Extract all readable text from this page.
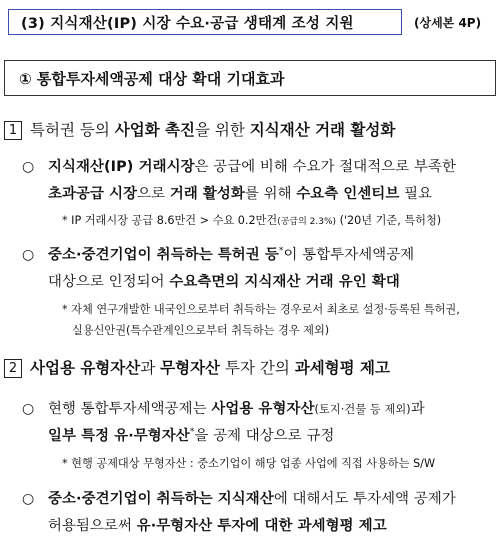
(3) 지식재산(IP) 시장 수요·공급 생태계 조성 지원	(상세본 4P)
① 통합투자세액공제 대상 확대 기대효과
1 특허권 등의 사업화 촉진을 위한 지식재산 거래 활성화
○ 지식재산(IP) 거래시장은 공급에 비해 수요가 절대적으로 부족한
초과공급 시장으로 거래 활성화를 위해 수요측 인센티브 필요
* IP 거래시장 공급 8.6만건 > 수요 0.2만건(공급의 2.3%) ('20년 기준, 특허청)
○ 중소·중견기업이 취득하는 특허권 등*이 통합투자세액공제
대상으로 인정되어 수요측면의 지식재산 거래 유인 확대
* 자체 연구개발한 내국인으로부터 취득하는 경우로서 최초로 설정·등록된 특허권,
실용신안권(특수관계인으로부터 취득하는 경우 제외)
2 사업용 유형자산과 무형자산 투자 간의 과세형평 제고
○ 현행 통합투자세액공제는 사업용 유형자산(토지·건물 등 제외)과
일부 특정 유·무형자산*을 공제 대상으로 규정
* 현행 공제대상 무형자산 : 중소기업이 해당 업종 사업에 직접 사용하는 S/W
○ 중소·중견기업이 취득하는 지식재산에 대해서도 투자세액 공제가
허용됨으로써 유·무형자산 투자에 대한 과세형평 제고
